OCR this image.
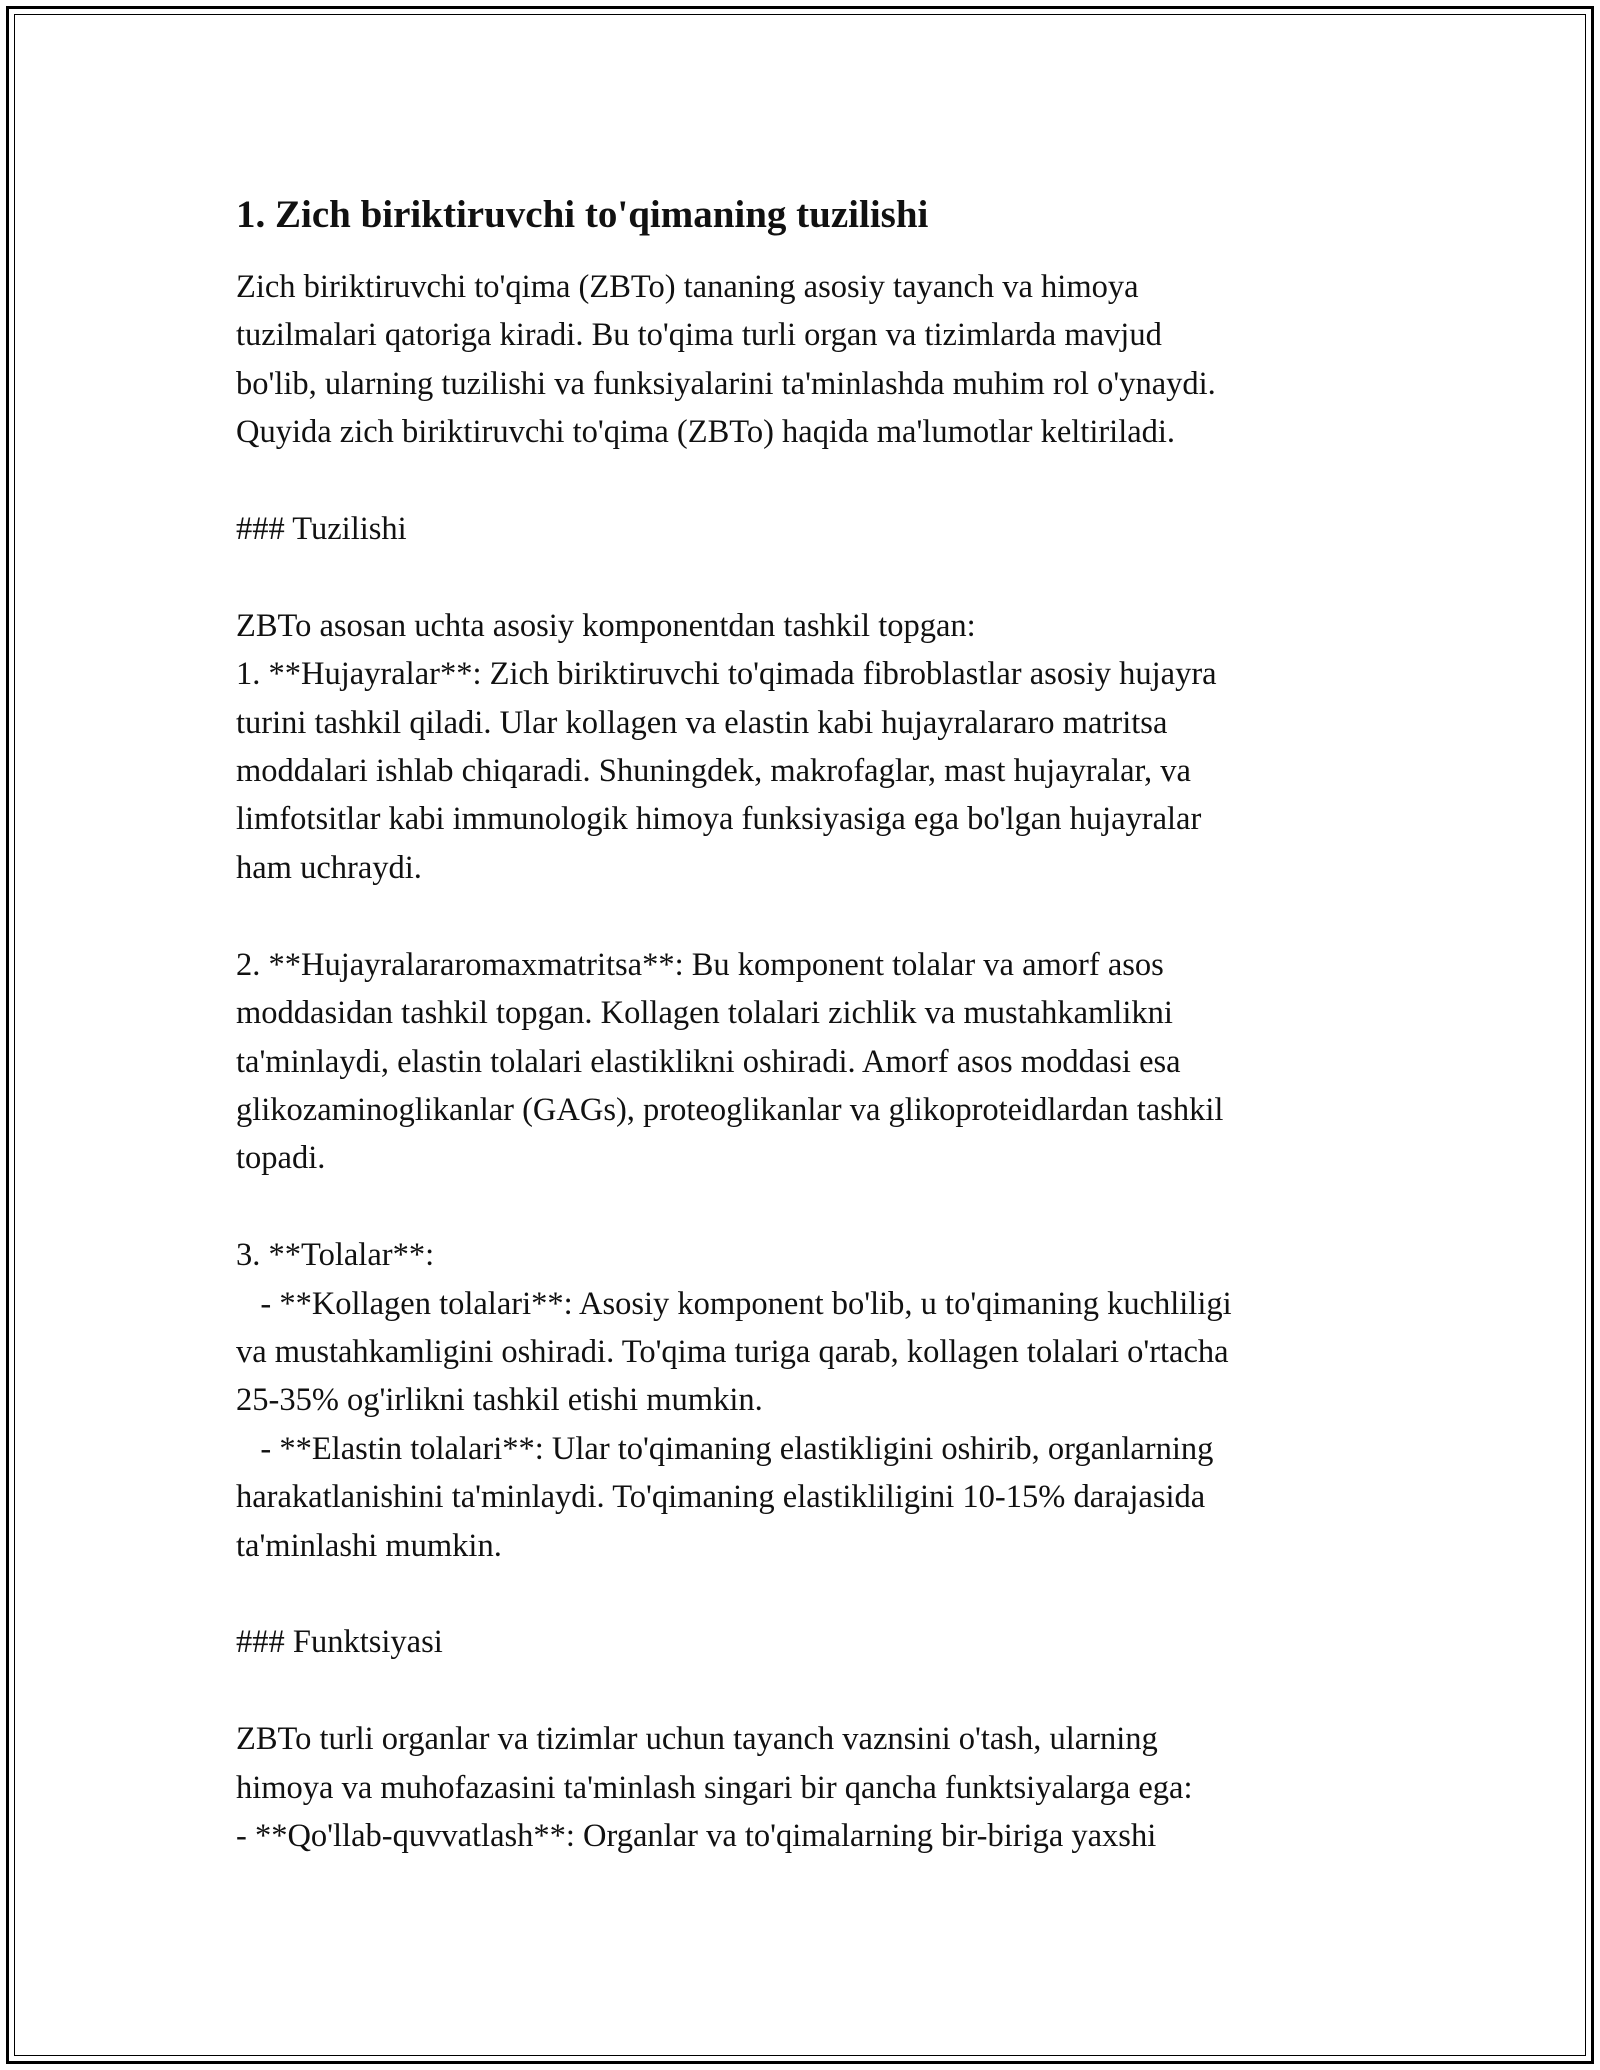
1. Zich biriktiruvchi to'qimaning tuzilishi

Zich biriktiruvchi to'qima (ZBTo) tananing asosiy tayanch va himoya
tuzilmalari qatoriga kiradi. Bu to'qima turli organ va tizimlarda mavjud
bo'lib, ularning tuzilishi va funksiyalarini ta'minlashda muhim rol o'ynaydi.
Quyida zich biriktiruvchi to'qima (ZBTo) haqida ma'lumotlar keltiriladi.

### Tuzilishi

ZBTo asosan uchta asosiy komponentdan tashkil topgan:
1. **Hujayralar**: Zich biriktiruvchi to'qimada fibroblastlar asosiy hujayra
turini tashkil qiladi. Ular kollagen va elastin kabi hujayralararo matritsa
moddalari ishlab chiqaradi. Shuningdek, makrofaglar, mast hujayralar, va
limfotsitlar kabi immunologik himoya funksiyasiga ega bo'lgan hujayralar
ham uchraydi.

2. **Hujayralararomaxmatritsa**: Bu komponent tolalar va amorf asos
moddasidan tashkil topgan. Kollagen tolalari zichlik va mustahkamlikni
ta'minlaydi, elastin tolalari elastiklikni oshiradi. Amorf asos moddasi esa
glikozaminoglikanlar (GAGs), proteoglikanlar va glikoproteidlardan tashkil
topadi.

3. **Tolalar**:
- **Kollagen tolalari**: Asosiy komponent bo'lib, u to'qimaning kuchliligi
va mustahkamligini oshiradi. To'qima turiga qarab, kollagen tolalari o'rtacha
25-35% og'irlikni tashkil etishi mumkin.
- **Elastin tolalari**: Ular to'qimaning elastikligini oshirib, organlarning
harakatlanishini ta'minlaydi. To'qimaning elastikliligini 10-15% darajasida
ta'minlashi mumkin.

### Funktsiyasi

ZBTo turli organlar va tizimlar uchun tayanch vaznsini o'tash, ularning
himoya va muhofazasini ta'minlash singari bir qancha funktsiyalarga ega:
- **Qo'llab-quvvatlash**: Organlar va to'qimalarning bir-biriga yaxshi
